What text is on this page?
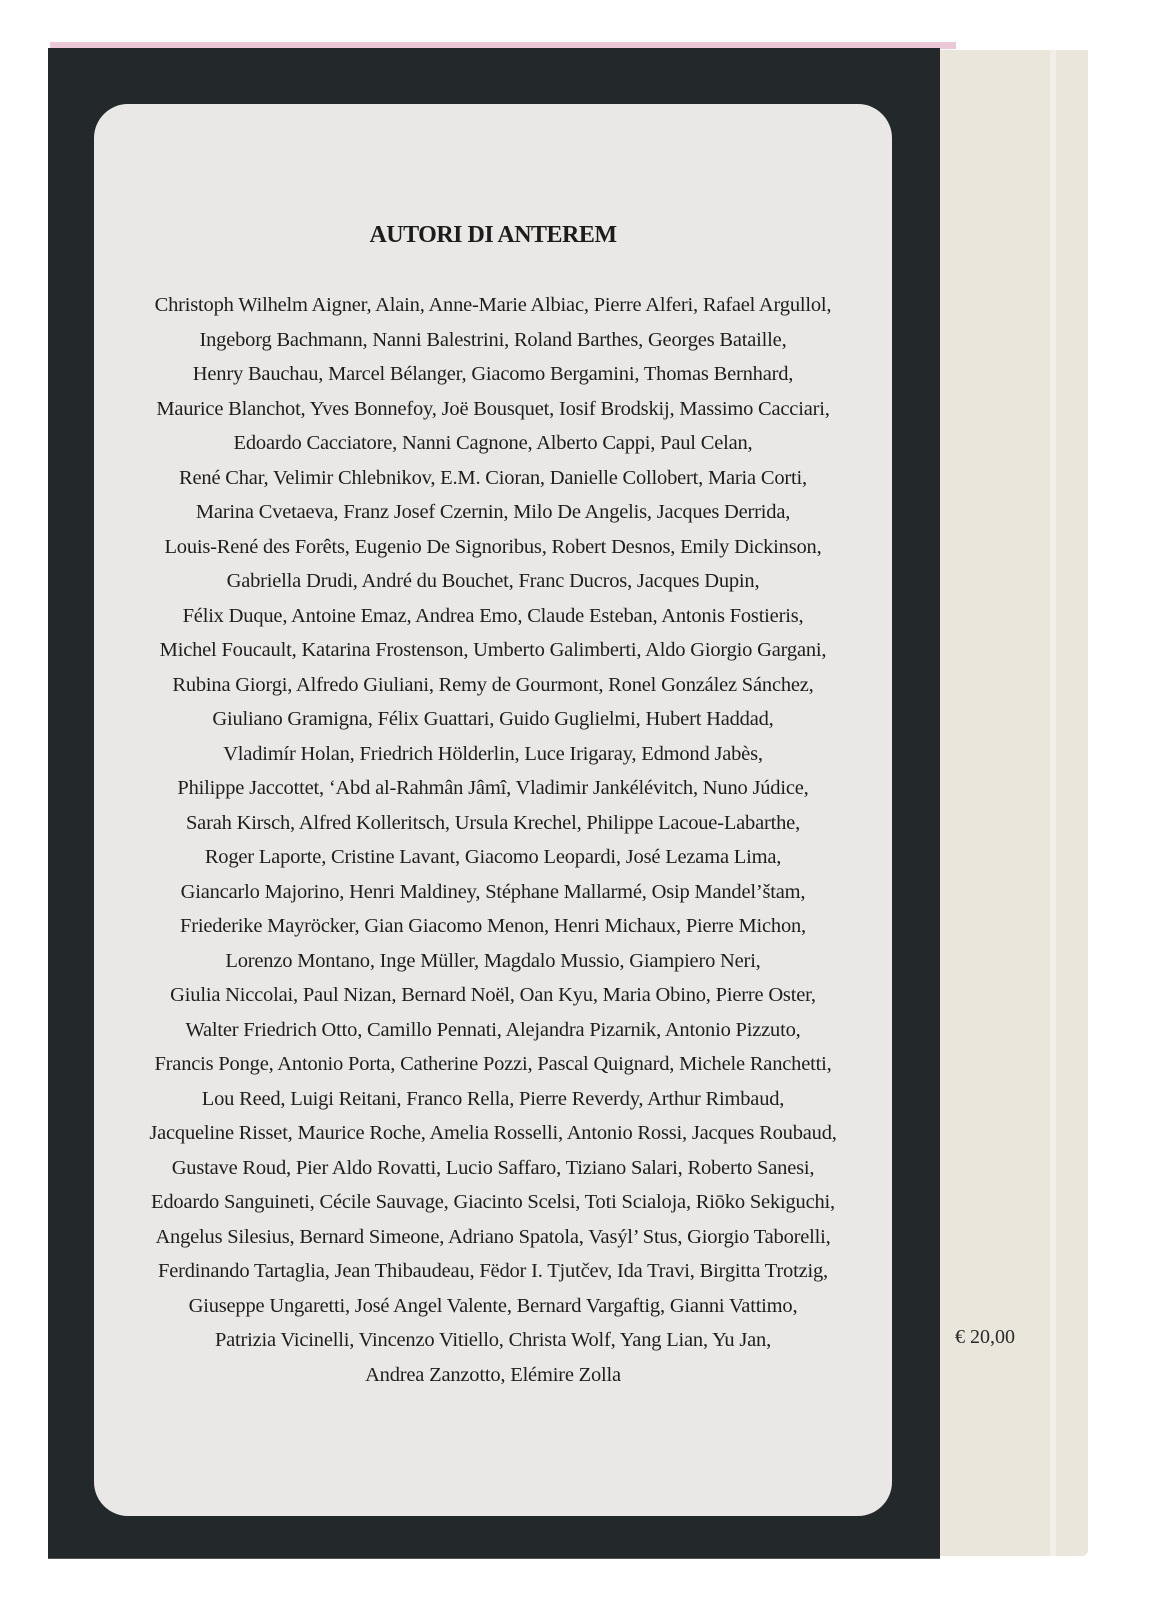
AUTORI DI ANTEREM
Christoph Wilhelm Aigner, Alain, Anne-Marie Albiac, Pierre Alferi, Rafael Argullol,
Ingeborg Bachmann, Nanni Balestrini, Roland Barthes, Georges Bataille,
Henry Bauchau, Marcel Bélanger, Giacomo Bergamini, Thomas Bernhard,
Maurice Blanchot, Yves Bonnefoy, Joë Bousquet, Iosif Brodskij, Massimo Cacciari,
Edoardo Cacciatore, Nanni Cagnone, Alberto Cappi, Paul Celan,
René Char, Velimir Chlebnikov, E.M. Cioran, Danielle Collobert, Maria Corti,
Marina Cvetaeva, Franz Josef Czernin, Milo De Angelis, Jacques Derrida,
Louis-René des Forêts, Eugenio De Signoribus, Robert Desnos, Emily Dickinson,
Gabriella Drudi, André du Bouchet, Franc Ducros, Jacques Dupin,
Félix Duque, Antoine Emaz, Andrea Emo, Claude Esteban, Antonis Fostieris,
Michel Foucault, Katarina Frostenson, Umberto Galimberti, Aldo Giorgio Gargani,
Rubina Giorgi, Alfredo Giuliani, Remy de Gourmont, Ronel González Sánchez,
Giuliano Gramigna, Félix Guattari, Guido Guglielmi, Hubert Haddad,
Vladimír Holan, Friedrich Hölderlin, Luce Irigaray, Edmond Jabès,
Philippe Jaccottet, ‘Abd al-Rahmân Jâmî, Vladimir Jankélévitch, Nuno Júdice,
Sarah Kirsch, Alfred Kolleritsch, Ursula Krechel, Philippe Lacoue-Labarthe,
Roger Laporte, Cristine Lavant, Giacomo Leopardi, José Lezama Lima,
Giancarlo Majorino, Henri Maldiney, Stéphane Mallarmé, Osip Mandel’štam,
Friederike Mayröcker, Gian Giacomo Menon, Henri Michaux, Pierre Michon,
Lorenzo Montano, Inge Müller, Magdalo Mussio, Giampiero Neri,
Giulia Niccolai, Paul Nizan, Bernard Noël, Oan Kyu, Maria Obino, Pierre Oster,
Walter Friedrich Otto, Camillo Pennati, Alejandra Pizarnik, Antonio Pizzuto,
Francis Ponge, Antonio Porta, Catherine Pozzi, Pascal Quignard, Michele Ranchetti,
Lou Reed, Luigi Reitani, Franco Rella, Pierre Reverdy, Arthur Rimbaud,
Jacqueline Risset, Maurice Roche, Amelia Rosselli, Antonio Rossi, Jacques Roubaud,
Gustave Roud, Pier Aldo Rovatti, Lucio Saffaro, Tiziano Salari, Roberto Sanesi,
Edoardo Sanguineti, Cécile Sauvage, Giacinto Scelsi, Toti Scialoja, Riōko Sekiguchi,
Angelus Silesius, Bernard Simeone, Adriano Spatola, Vasýl’ Stus, Giorgio Taborelli,
Ferdinando Tartaglia, Jean Thibaudeau, Fëdor I. Tjutčev, Ida Travi, Birgitta Trotzig,
Giuseppe Ungaretti, José Angel Valente, Bernard Vargaftig, Gianni Vattimo,
Patrizia Vicinelli, Vincenzo Vitiello, Christa Wolf, Yang Lian, Yu Jan,
Andrea Zanzotto, Elémire Zolla
€ 20,00
